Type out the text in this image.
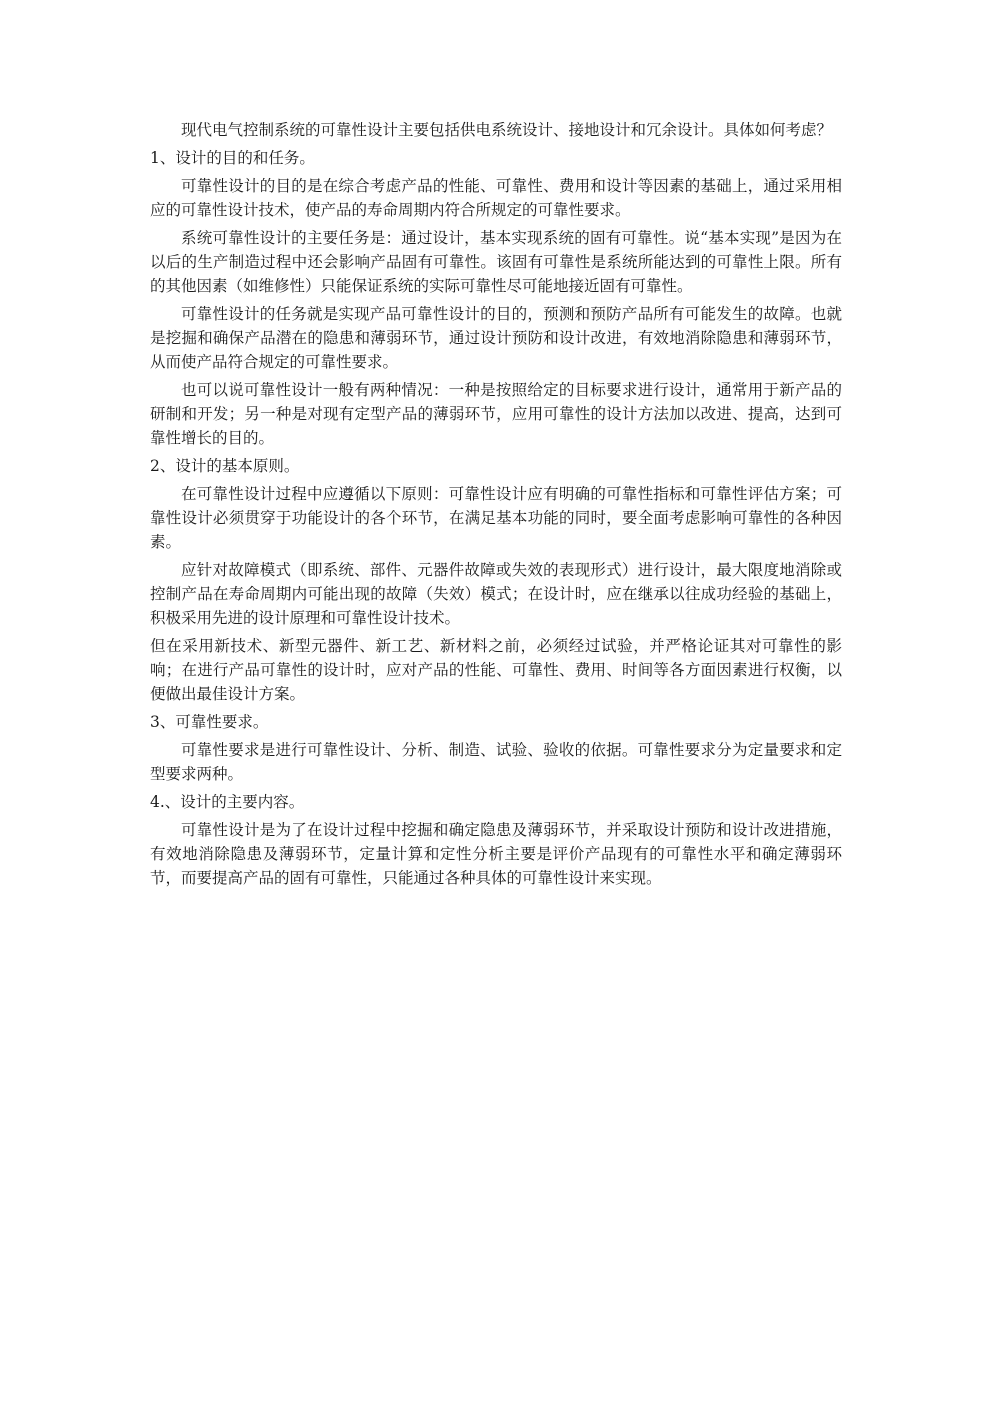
现代电气控制系统的可靠性设计主要包括供电系统设计、接地设计和冗余设计。具体如何考虑？

1、设计的目的和任务。

可靠性设计的目的是在综合考虑产品的性能、可靠性、费用和设计等因素的基础上，通过采用相应的可靠性设计技术，使产品的寿命周期内符合所规定的可靠性要求。

系统可靠性设计的主要任务是：通过设计，基本实现系统的固有可靠性。说“基本实现”是因为在以后的生产制造过程中还会影响产品固有可靠性。该固有可靠性是系统所能达到的可靠性上限。所有的其他因素（如维修性）只能保证系统的实际可靠性尽可能地接近固有可靠性。

可靠性设计的任务就是实现产品可靠性设计的目的，预测和预防产品所有可能发生的故障。也就是挖掘和确保产品潜在的隐患和薄弱环节，通过设计预防和设计改进，有效地消除隐患和薄弱环节，从而使产品符合规定的可靠性要求。

也可以说可靠性设计一般有两种情况：一种是按照给定的目标要求进行设计，通常用于新产品的研制和开发；另一种是对现有定型产品的薄弱环节，应用可靠性的设计方法加以改进、提高，达到可靠性增长的目的。

2、设计的基本原则。

在可靠性设计过程中应遵循以下原则：可靠性设计应有明确的可靠性指标和可靠性评估方案；可靠性设计必须贯穿于功能设计的各个环节，在满足基本功能的同时，要全面考虑影响可靠性的各种因素。

应针对故障模式（即系统、部件、元器件故障或失效的表现形式）进行设计，最大限度地消除或控制产品在寿命周期内可能出现的故障（失效）模式；在设计时，应在继承以往成功经验的基础上，积极采用先进的设计原理和可靠性设计技术。

但在采用新技术、新型元器件、新工艺、新材料之前，必须经过试验，并严格论证其对可靠性的影响；在进行产品可靠性的设计时，应对产品的性能、可靠性、费用、时间等各方面因素进行权衡，以便做出最佳设计方案。

3、可靠性要求。

可靠性要求是进行可靠性设计、分析、制造、试验、验收的依据。可靠性要求分为定量要求和定型要求两种。

4.、设计的主要内容。

可靠性设计是为了在设计过程中挖掘和确定隐患及薄弱环节，并采取设计预防和设计改进措施，有效地消除隐患及薄弱环节，定量计算和定性分析主要是评价产品现有的可靠性水平和确定薄弱环节，而要提高产品的固有可靠性，只能通过各种具体的可靠性设计来实现。
